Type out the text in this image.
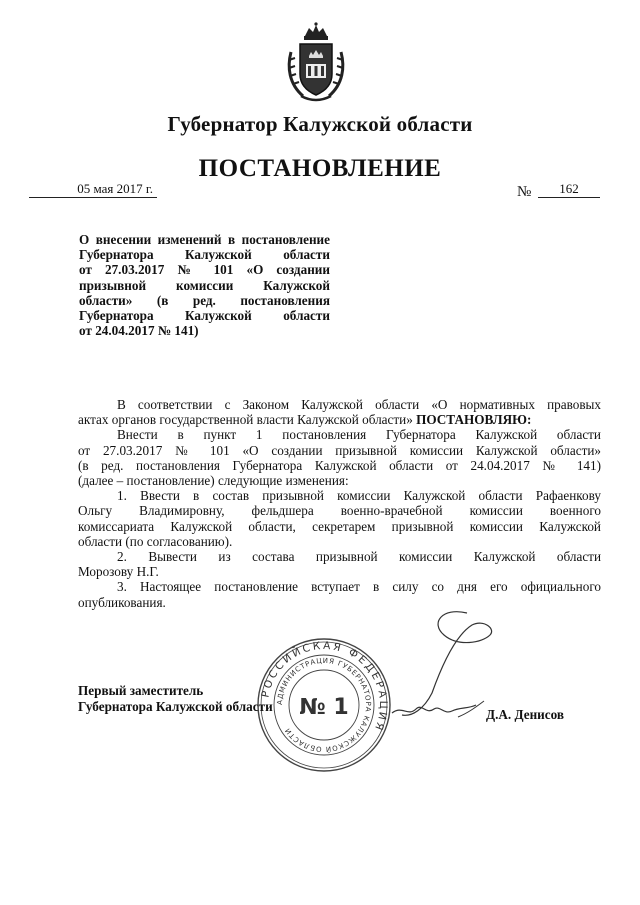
Губернатор Калужской области
ПОСТАНОВЛЕНИЕ
05 мая 2017 г.	№	162
О внесении изменений в постановление
Губернатора Калужской области
от 27.03.2017 № 101 «О создании
призывной комиссии Калужской
области» (в ред. постановления
Губернатора Калужской области
от 24.04.2017 № 141)

В соответствии с Законом Калужской области «О нормативных правовых
актах органов государственной власти Калужской области» ПОСТАНОВЛЯЮ:

Внести в пункт 1 постановления Губернатора Калужской области
от 27.03.2017 № 101 «О создании призывной комиссии Калужской области»
(в ред. постановления Губернатора Калужской области от 24.04.2017 № 141)
(далее – постановление) следующие изменения:

1. Ввести в состав призывной комиссии Калужской области Рафаенкову
Ольгу Владимировну, фельдшера военно-врачебной комиссии военного
комиссариата Калужской области, секретарем призывной комиссии Калужской
области (по согласованию).

2. Вывести из состава призывной комиссии Калужской области
Морозову Н.Г.

3. Настоящее постановление вступает в силу со дня его официального
опубликования.

РОССИЙСКАЯ ФЕДЕРАЦИЯ
АДМИНИСТРАЦИЯ ГУБЕРНАТОРА КАЛУЖСКОЙ ОБЛАСТИ
№ 1
Первый заместитель
Губернатора Калужской области
Д.А. Денисов
